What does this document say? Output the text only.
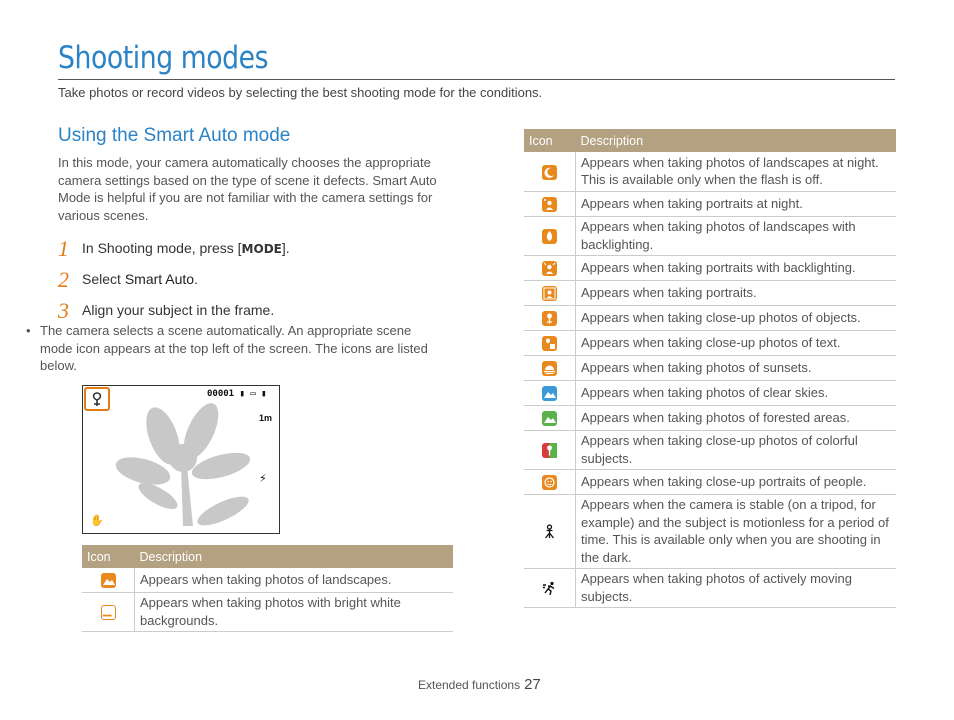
Shooting modes
Take photos or record videos by selecting the best shooting mode for the conditions.
Using the Smart Auto mode
In this mode, your camera automatically chooses the appropriate camera settings based on the type of scene it defects. Smart Auto Mode is helpful if you are not familiar with the camera settings for various scenes.
1 In Shooting mode, press [MODE].
2 Select Smart Auto.
3 Align your subject in the frame.
• The camera selects a scene automatically. An appropriate scene mode icon appears at the top left of the screen. The icons are listed below.
00001 ▮ ▭ ▮
1m
⚡
✋
Icon	Description

	Appears when taking photos of landscapes.

	Appears when taking photos with bright white backgrounds.
Icon	Description

	Appears when taking photos of landscapes at night. This is available only when the flash is off.

	Appears when taking portraits at night.

	Appears when taking photos of landscapes with backlighting.

	Appears when taking portraits with backlighting.

	Appears when taking portraits.

	Appears when taking close-up photos of objects.

	Appears when taking close-up photos of text.

	Appears when taking photos of sunsets.

	Appears when taking photos of clear skies.

	Appears when taking photos of forested areas.

	Appears when taking close-up photos of colorful subjects.

	Appears when taking close-up portraits of people.

	Appears when the camera is stable (on a tripod, for example) and the subject is motionless for a period of time. This is available only when you are shooting in the dark.

	Appears when taking photos of actively moving subjects.
Extended functions 27
